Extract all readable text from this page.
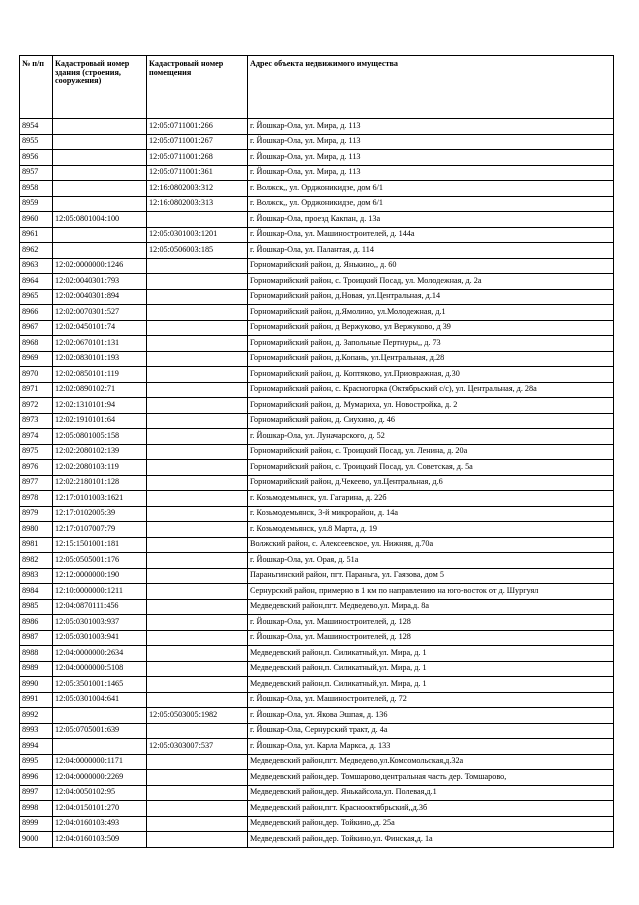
№ п/п	Кадастровый номер здания (строения, сооружения)	Кадастровый номер помещения	Адрес объекта недвижимого имущества
8954		12:05:0711001:266	г. Йошкар-Ола, ул. Мира, д. 113
8955		12:05:0711001:267	г. Йошкар-Ола, ул. Мира, д. 113
8956		12:05:0711001:268	г. Йошкар-Ола, ул. Мира, д. 113
8957		12:05:0711001:361	г. Йошкар-Ола, ул. Мира, д. 113
8958		12:16:0802003:312	г. Волжск,, ул. Орджоникидзе, дом 6/1
8959		12:16:0802003:313	г. Волжск,, ул. Орджоникидзе, дом 6/1
8960	12:05:0801004:100		г. Йошкар-Ола, проезд Какпан, д. 13а
8961		12:05:0301003:1201	г. Йошкар-Ола, ул. Машиностроителей, д. 144а
8962		12:05:0506003:185	г. Йошкар-Ола, ул. Палантая, д. 114
8963	12:02:0000000:1246		Горномарийский район, д. Янькино,, д. 60
8964	12:02:0040301:793		Горномарийский район, с. Троицкий Посад, ул. Молодежная, д. 2а
8965	12:02:0040301:894		Горномарийский район, д.Новая, ул.Центральная, д.14
8966	12:02:0070301:527		Горномарийский район, д.Ямолино, ул.Молодежная, д.1
8967	12:02:0450101:74		Горномарийский район, д Вержуково, ул Вержуково, д 39
8968	12:02:0670101:131		Горномарийский район, д. Запольные Пертнуры,, д. 73
8969	12:02:0830101:193		Горномарийский район, д.Копань, ул.Центральная, д.28
8970	12:02:0850101:119		Горномарийский район, д. Коптяково, ул.Приовражная, д.30
8971	12:02:0890102:71		Горномарийский район, с. Красногорка (Октябрьский с/с), ул. Центральная, д. 28а
8972	12:02:1310101:94		Горномарийский район, д. Мумариха, ул. Новостройка, д. 2
8973	12:02:1910101:64		Горномарийский район, д. Сиухино, д. 46
8974	12:05:0801005:158		г. Йошкар-Ола, ул. Луначарского, д. 52
8975	12:02:2080102:139		Горномарийский район, с. Троицкий Посад, ул. Ленина, д. 20а
8976	12:02:2080103:119		Горномарийский район, с. Троицкий Посад, ул. Советская, д. 5а
8977	12:02:2180101:128		Горномарийский район, д.Чекеево, ул.Центральная, д.6
8978	12:17:0101003:1621		г. Козьмодемьянск, ул. Гагарина, д. 22б
8979	12:17:0102005:39		г. Козьмодемьянск, 3-й микрорайон, д. 14а
8980	12:17:0107007:79		г. Козьмодемьянск, ул.8 Марта, д. 19
8981	12:15:1501001:181		Волжский район, с. Алексеевское, ул. Нижняя, д.70а
8982	12:05:0505001:176		г. Йошкар-Ола, ул. Орая, д. 51а
8983	12:12:0000000:190		Параньгинский район, пгт. Параньга, ул. Гаязова, дом 5
8984	12:10:0000000:1211		Сернурский район, примерно в 1 км по направлению на юго-восток от д. Шургуял
8985	12:04:0870111:456		Медведевский район,пгт. Медведево,ул. Мира,д. 8а
8986	12:05:0301003:937		г. Йошкар-Ола, ул. Машиностроителей, д. 128
8987	12:05:0301003:941		г. Йошкар-Ола, ул. Машиностроителей, д. 128
8988	12:04:0000000:2634		Медведевский район,п. Силикатный,ул. Мира, д. 1
8989	12:04:0000000:5108		Медведевский район,п. Силикатный,ул. Мира, д. 1
8990	12:05:3501001:1465		Медведевский район,п. Силикатный,ул. Мира, д. 1
8991	12:05:0301004:641		г. Йошкар-Ола, ул. Машиностроителей, д. 72
8992		12:05:0503005:1982	г. Йошкар-Ола, ул. Якова Эшпая, д. 136
8993	12:05:0705001:639		г. Йошкар-Ола, Сернурский тракт, д. 4а
8994		12:05:0303007:537	г. Йошкар-Ола, ул. Карла Маркса, д. 133
8995	12:04:0000000:1171		Медведевский район,пгт. Медведево,ул.Комсомольская,д.32а
8996	12:04:0000000:2269		Медведевский район,дер. Томшарово,центральная часть дер. Томшарово,
8997	12:04:0050102:95		Медведевский район,дер. Янькайсола,ул. Полевая,д.1
8998	12:04:0150101:270		Медведевский район,пгт. Краснооктябрьский,,д.3б
8999	12:04:0160103:493		Медведевский район,дер. Тойкино,,д. 25а
9000	12:04:0160103:509		Медведевский район,дер. Тойкино,ул. Финская,д. 1а
